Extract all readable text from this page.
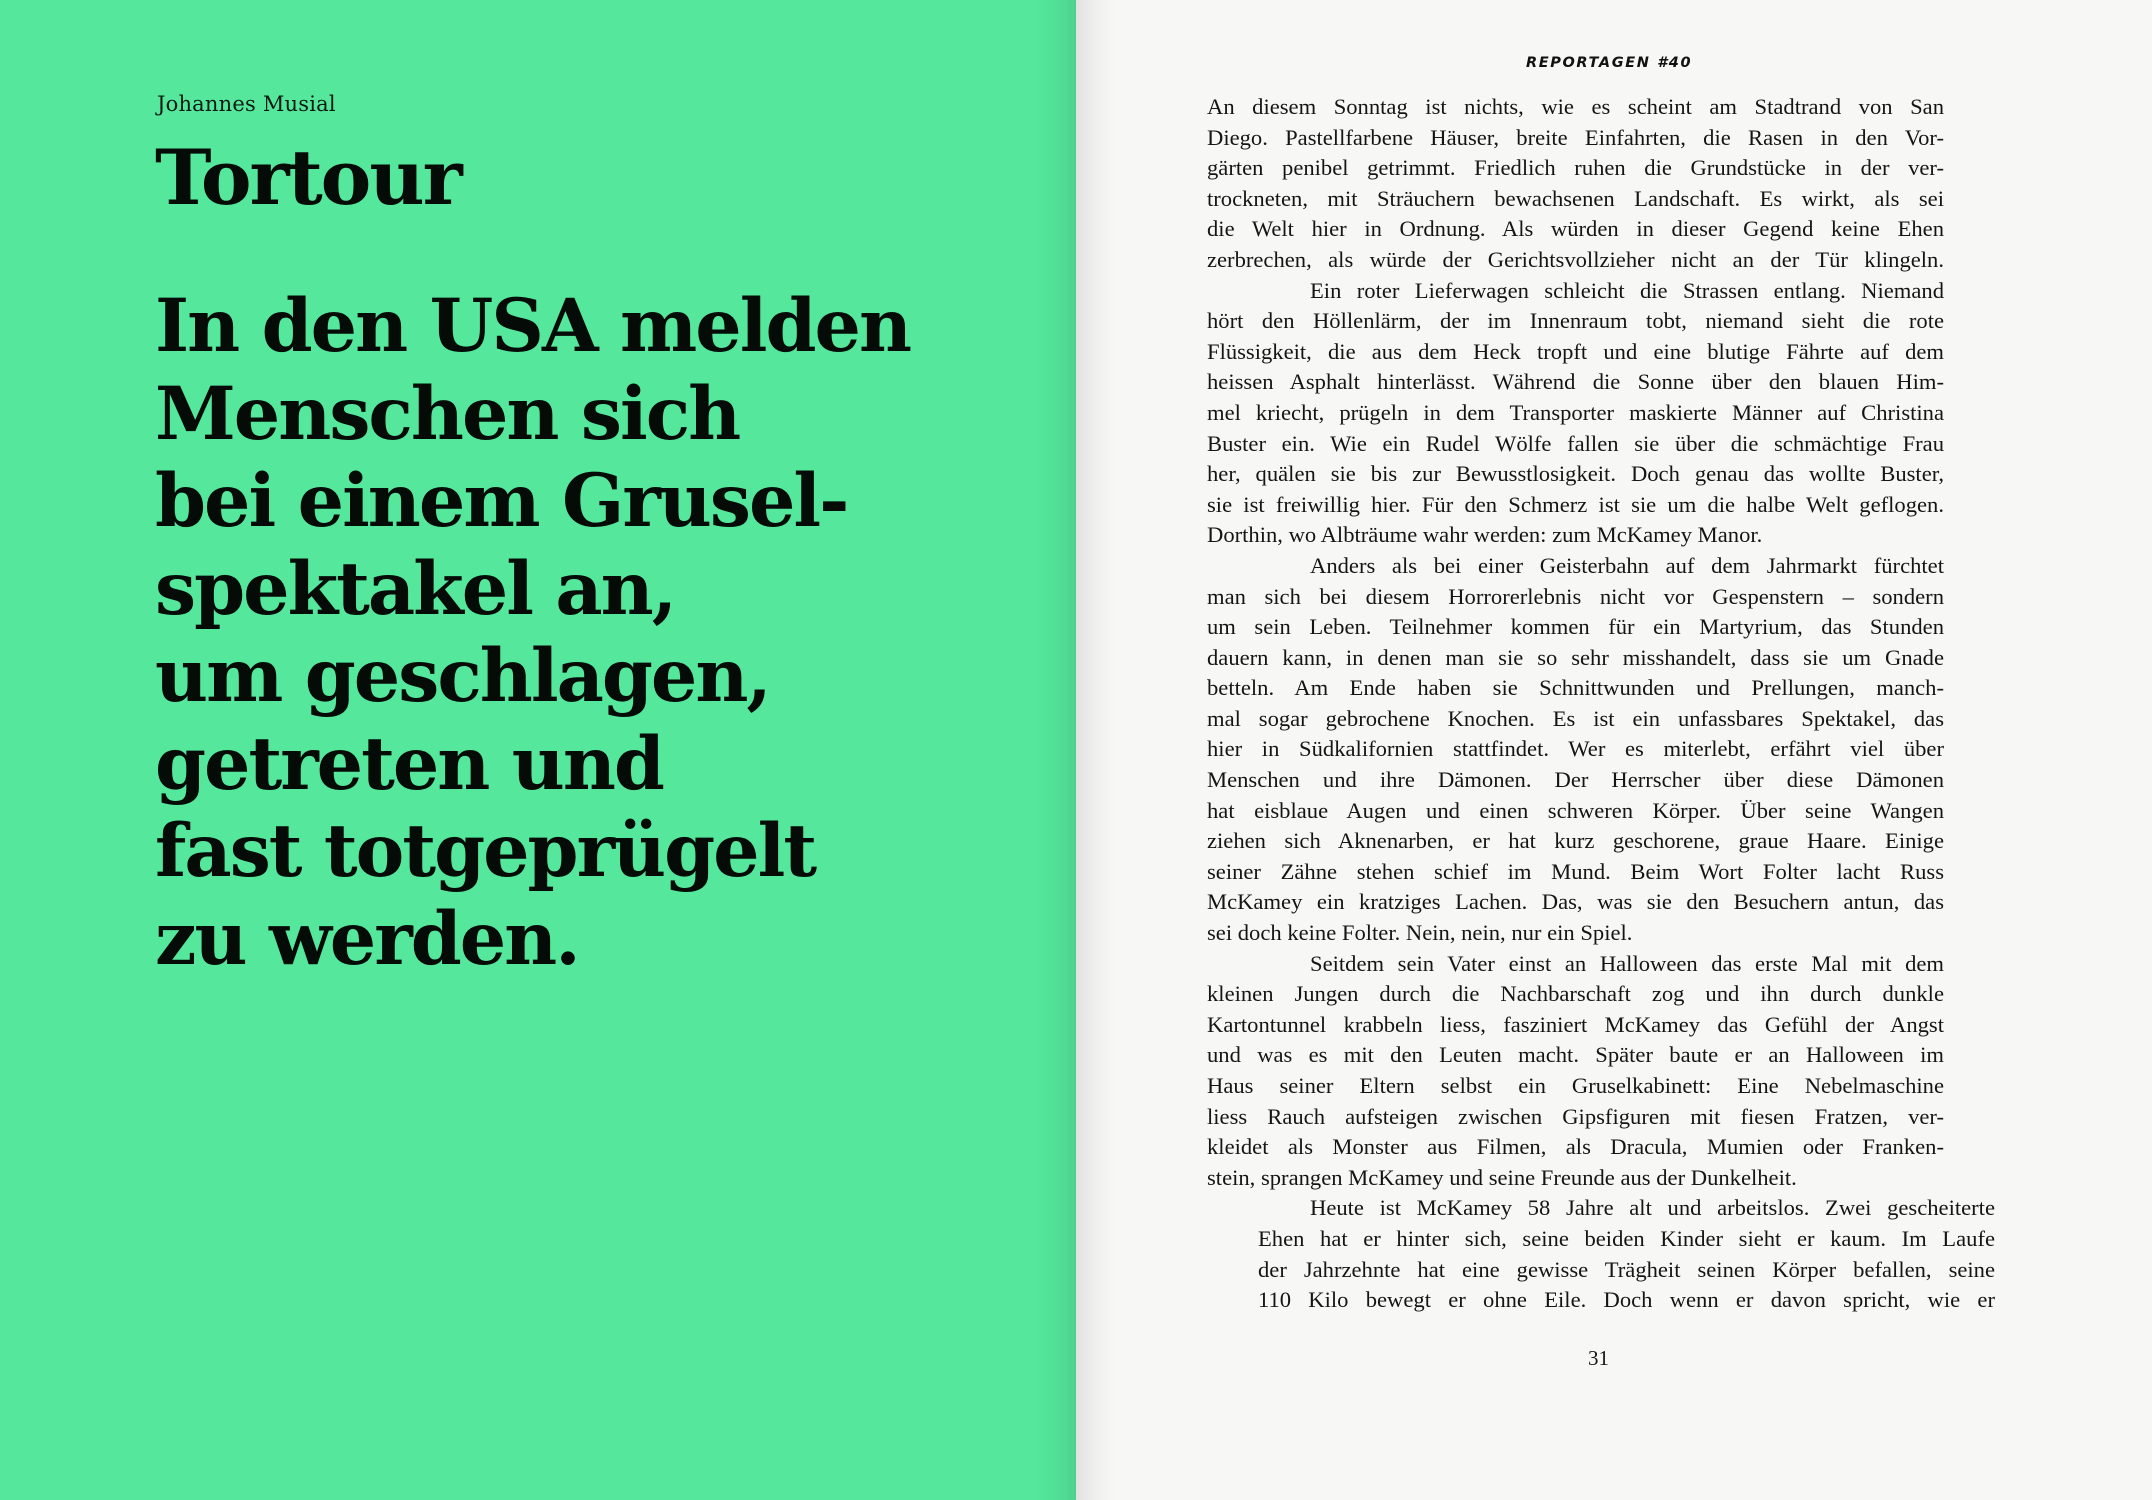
Johannes Musial
Tortour
In den USA melden
Menschen sich
bei einem Grusel-
spektakel an,
um geschlagen,
getreten und
fast totgeprügelt
zu werden.
REPORTAGEN #40
An diesem Sonntag ist nichts, wie es scheint am Stadtrand von San
Diego. Pastellfarbene Häuser, breite Einfahrten, die Rasen in den Vor-
gärten penibel getrimmt. Friedlich ruhen die Grundstücke in der ver-
trockneten, mit Sträuchern bewachsenen Landschaft. Es wirkt, als sei
die Welt hier in Ordnung. Als würden in dieser Gegend keine Ehen
zerbrechen, als würde der Gerichtsvollzieher nicht an der Tür klingeln.
Ein roter Lieferwagen schleicht die Strassen entlang. Niemand
hört den Höllenlärm, der im Innenraum tobt, niemand sieht die rote
Flüssigkeit, die aus dem Heck tropft und eine blutige Fährte auf dem
heissen Asphalt hinterlässt. Während die Sonne über den blauen Him-
mel kriecht, prügeln in dem Transporter maskierte Männer auf Christina
Buster ein. Wie ein Rudel Wölfe fallen sie über die schmächtige Frau
her, quälen sie bis zur Bewusstlosigkeit. Doch genau das wollte Buster,
sie ist freiwillig hier. Für den Schmerz ist sie um die halbe Welt geflogen.
Dorthin, wo Albträume wahr werden: zum McKamey Manor.
Anders als bei einer Geisterbahn auf dem Jahrmarkt fürchtet
man sich bei diesem Horrorerlebnis nicht vor Gespenstern – sondern
um sein Leben. Teilnehmer kommen für ein Martyrium, das Stunden
dauern kann, in denen man sie so sehr misshandelt, dass sie um Gnade
betteln. Am Ende haben sie Schnittwunden und Prellungen, manch-
mal sogar gebrochene Knochen. Es ist ein unfassbares Spektakel, das
hier in Südkalifornien stattfindet. Wer es miterlebt, erfährt viel über
Menschen und ihre Dämonen. Der Herrscher über diese Dämonen
hat eisblaue Augen und einen schweren Körper. Über seine Wangen
ziehen sich Aknenarben, er hat kurz geschorene, graue Haare. Einige
seiner Zähne stehen schief im Mund. Beim Wort Folter lacht Russ
McKamey ein kratziges Lachen. Das, was sie den Besuchern antun, das
sei doch keine Folter. Nein, nein, nur ein Spiel.
Seitdem sein Vater einst an Halloween das erste Mal mit dem
kleinen Jungen durch die Nachbarschaft zog und ihn durch dunkle
Kartontunnel krabbeln liess, fasziniert McKamey das Gefühl der Angst
und was es mit den Leuten macht. Später baute er an Halloween im
Haus seiner Eltern selbst ein Gruselkabinett: Eine Nebelmaschine
liess Rauch aufsteigen zwischen Gipsfiguren mit fiesen Fratzen, ver-
kleidet als Monster aus Filmen, als Dracula, Mumien oder Franken-
stein, sprangen McKamey und seine Freunde aus der Dunkelheit.
Heute ist McKamey 58 Jahre alt und arbeitslos. Zwei gescheiterte
Ehen hat er hinter sich, seine beiden Kinder sieht er kaum. Im Laufe
der Jahrzehnte hat eine gewisse Trägheit seinen Körper befallen, seine
110 Kilo bewegt er ohne Eile. Doch wenn er davon spricht, wie er
31
